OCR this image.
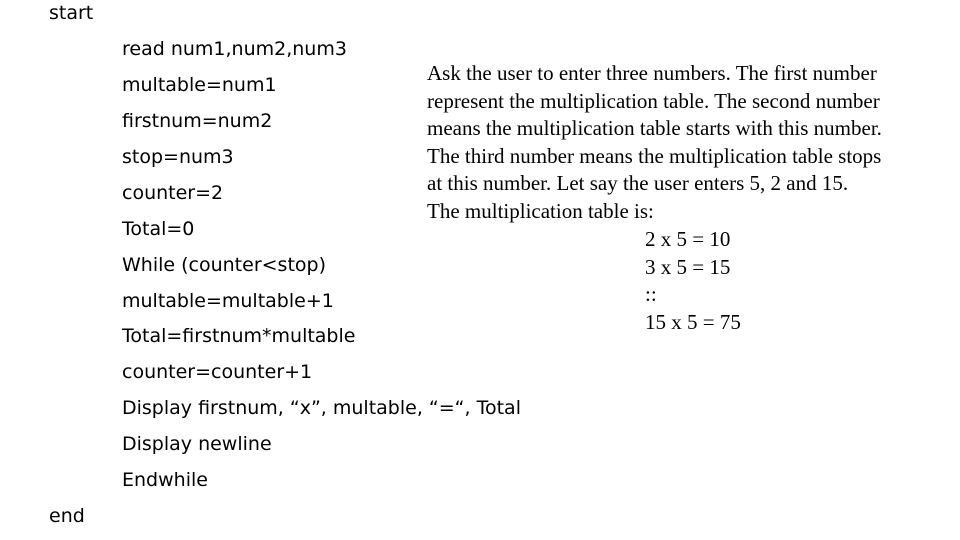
start
read num1,num2,num3
multable=num1
firstnum=num2
stop=num3
counter=2
Total=0
While (counter<stop)
multable=multable+1
Total=firstnum*multable
counter=counter+1
Display firstnum, “x”, multable, “=“, Total
Display newline
Endwhile
end
Ask the user to enter three numbers. The first number
represent the multiplication table. The second number
means the multiplication table starts with this number.
The third number means the multiplication table stops
at this number. Let say the user enters 5, 2 and 15.
The multiplication table is:
2 x 5 = 10
3 x 5 = 15
::
15 x 5 = 75
